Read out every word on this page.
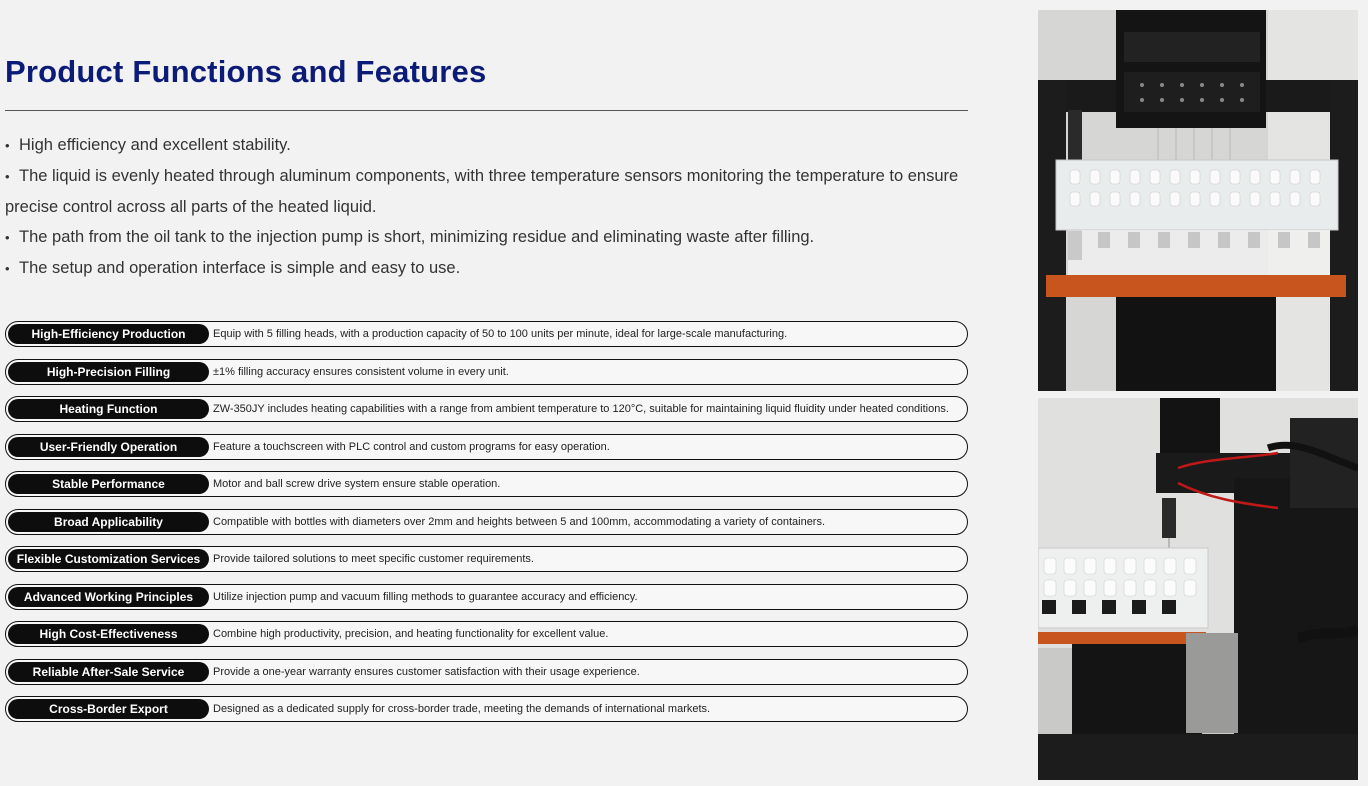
Product Functions and Features
• High efficiency and excellent stability.
• The liquid is evenly heated through aluminum components, with three temperature sensors monitoring the temperature to ensure precise control across all parts of the heated liquid.
• The path from the oil tank to the injection pump is short, minimizing residue and eliminating waste after filling.
• The setup and operation interface is simple and easy to use.
High-Efficiency Production	Equip with 5 filling heads, with a production capacity of 50 to 100 units per minute, ideal for large-scale manufacturing.
High-Precision Filling	±1% filling accuracy ensures consistent volume in every unit.
Heating Function	ZW-350JY includes heating capabilities with a range from ambient temperature to 120°C, suitable for maintaining liquid fluidity under heated conditions.
User-Friendly Operation	Feature a touchscreen with PLC control and custom programs for easy operation.
Stable Performance	Motor and ball screw drive system ensure stable operation.
Broad Applicability	Compatible with bottles with diameters over 2mm and heights between 5 and 100mm, accommodating a variety of containers.
Flexible Customization Services	Provide tailored solutions to meet specific customer requirements.
Advanced Working Principles	Utilize injection pump and vacuum filling methods to guarantee accuracy and efficiency.
High Cost-Effectiveness	Combine high productivity, precision, and heating functionality for excellent value.
Reliable After-Sale Service	Provide a one-year warranty ensures customer satisfaction with their usage experience.
Cross-Border Export	Designed as a dedicated supply for cross-border trade, meeting the demands of international markets.
